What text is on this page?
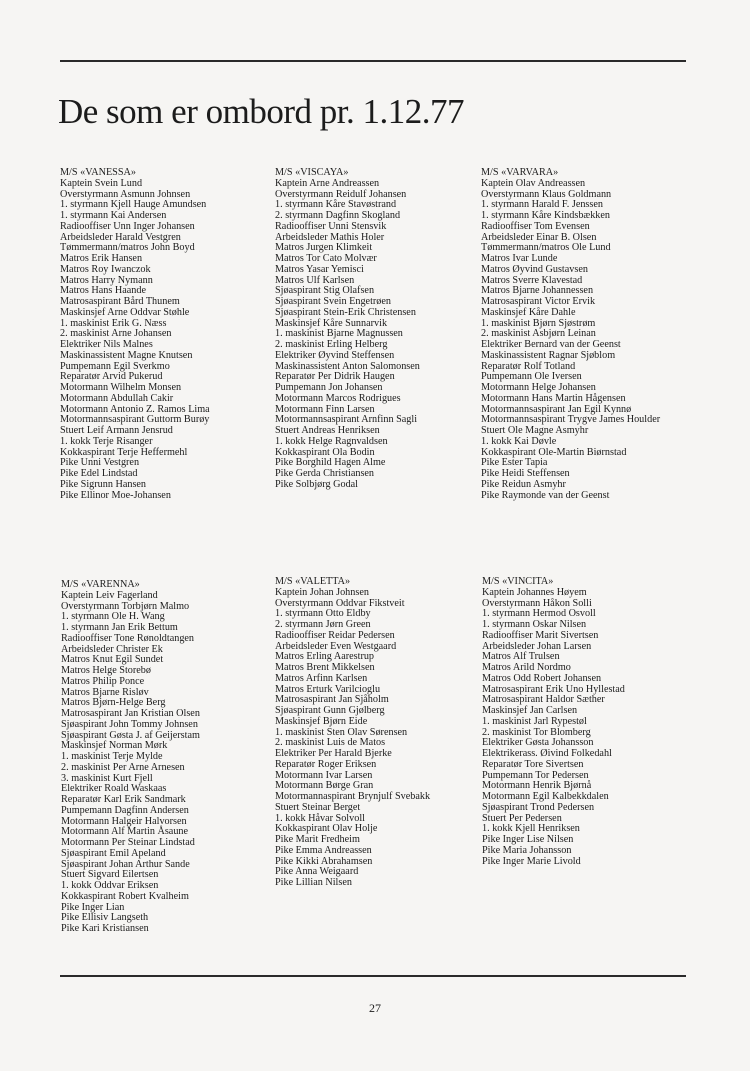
De som er ombord pr. 1.12.77
M/S «VANESSA»
Kaptein Svein Lund
Overstyrmann Asmunn Johnsen
1. styrmann Kjell Hauge Amundsen
1. styrmann Kai Andersen
Radiooffiser Unn Inger Johansen
Arbeidsleder Harald Vestgren
Tømmermann/matros John Boyd
Matros Erik Hansen
Matros Roy Iwanczok
Matros Harry Nymann
Matros Hans Haande
Matrosaspirant Bård Thunem
Maskinsjef Arne Oddvar Støhle
1. maskinist Erik G. Næss
2. maskinist Arne Johansen
Elektriker Nils Malnes
Maskinassistent Magne Knutsen
Pumpemann Egil Sverkmo
Reparatør Arvid Pukerud
Motormann Wilhelm Monsen
Motormann Abdullah Cakir
Motormann Antonio Z. Ramos Lima
Motormannsaspirant Guttorm Burøy
Stuert Leif Armann Jensrud
1. kokk Terje Risanger
Kokkaspirant Terje Heffermehl
Pike Unni Vestgren
Pike Edel Lindstad
Pike Sigrunn Hansen
Pike Ellinor Moe-Johansen
M/S «VISCAYA»
Kaptein Arne Andreassen
Overstyrmann Reidulf Johansen
1. styrmann Kåre Stavøstrand
2. styrmann Dagfinn Skogland
Radiooffiser Unni Stensvik
Arbeidsleder Mathis Holer
Matros Jurgen Klimkeit
Matros Tor Cato Molvær
Matros Yasar Yemisci
Matros Ulf Karlsen
Sjøaspirant Stig Olafsen
Sjøaspirant Svein Engetrøen
Sjøaspirant Stein-Erik Christensen
Maskinsjef Kåre Sunnarvik
1. maskinist Bjarne Magnussen
2. maskinist Erling Helberg
Elektriker Øyvind Steffensen
Maskinassistent Anton Salomonsen
Reparatør Per Didrik Haugen
Pumpemann Jon Johansen
Motormann Marcos Rodrigues
Motormann Finn Larsen
Motormannsaspirant Arnfinn Sagli
Stuert Andreas Henriksen
1. kokk Helge Ragnvaldsen
Kokkaspirant Ola Bodin
Pike Borghild Hagen Alme
Pike Gerda Christiansen
Pike Solbjørg Godal
M/S «VARVARA»
Kaptein Olav Andreassen
Overstyrmann Klaus Goldmann
1. styrmann Harald F. Jenssen
1. styrmann Kåre Kindsbækken
Radiooffiser Tom Evensen
Arbeidsleder Einar B. Olsen
Tømmermann/matros Ole Lund
Matros Ivar Lunde
Matros Øyvind Gustavsen
Matros Sverre Klavestad
Matros Bjarne Johannessen
Matrosaspirant Victor Ervik
Maskinsjef Kåre Dahle
1. maskinist Bjørn Sjøstrøm
2. maskinist Asbjørn Leinan
Elektriker Bernard van der Geenst
Maskinassistent Ragnar Sjøblom
Reparatør Rolf Totland
Pumpemann Ole Iversen
Motormann Helge Johansen
Motormann Hans Martin Hågensen
Motormannsaspirant Jan Egil Kynnø
Motormannsaspirant Trygve James Houlder
Stuert Ole Magne Asmyhr
1. kokk Kai Døvle
Kokkaspirant Ole-Martin Biørnstad
Pike Ester Tapia
Pike Heidi Steffensen
Pike Reidun Asmyhr
Pike Raymonde van der Geenst
M/S «VARENNA»
Kaptein Leiv Fagerland
Overstyrmann Torbjørn Malmo
1. styrmann Ole H. Wang
1. styrmann Jan Erik Bettum
Radiooffiser Tone Rønoldtangen
Arbeidsleder Christer Ek
Matros Knut Egil Sundet
Matros Helge Storebø
Matros Philip Ponce
Matros Bjarne Risløv
Matros Bjørn-Helge Berg
Matrosaspirant Jan Kristian Olsen
Sjøaspirant John Tommy Johnsen
Sjøaspirant Gøsta J. af Geijerstam
Maskinsjef Norman Mørk
1. maskinist Terje Mylde
2. maskinist Per Arne Arnesen
3. maskinist Kurt Fjell
Elektriker Roald Waskaas
Reparatør Karl Erik Sandmark
Pumpemann Dagfinn Andersen
Motormann Halgeir Halvorsen
Motormann Alf Martin Åsaune
Motormann Per Steinar Lindstad
Sjøaspirant Emil Apeland
Sjøaspirant Johan Arthur Sande
Stuert Sigvard Eilertsen
1. kokk Oddvar Eriksen
Kokkaspirant Robert Kvalheim
Pike Inger Lian
Pike Ellisiv Langseth
Pike Kari Kristiansen
M/S «VALETTA»
Kaptein Johan Johnsen
Overstyrmann Oddvar Fikstveit
1. styrmann Otto Eldby
2. styrmann Jørn Green
Radiooffiser Reidar Pedersen
Arbeidsleder Even Westgaard
Matros Erling Aarestrup
Matros Brent Mikkelsen
Matros Arfinn Karlsen
Matros Erturk Varilcioglu
Matrosaspirant Jan Sjåholm
Sjøaspirant Gunn Gjølberg
Maskinsjef Bjørn Eide
1. maskinist Sten Olav Sørensen
2. maskinist Luis de Matos
Elektriker Per Harald Bjerke
Reparatør Roger Eriksen
Motormann Ivar Larsen
Motormann Børge Gran
Motormannaspirant Brynjulf Svebakk
Stuert Steinar Berget
1. kokk Håvar Solvoll
Kokkaspirant Olav Holje
Pike Marit Fredheim
Pike Emma Andreassen
Pike Kikki Abrahamsen
Pike Anna Weigaard
Pike Lillian Nilsen
M/S «VINCITA»
Kaptein Johannes Høyem
Overstyrmann Håkon Solli
1. styrmann Hermod Osvoll
1. styrmann Oskar Nilsen
Radiooffiser Marit Sivertsen
Arbeidsleder Johan Larsen
Matros Alf Trulsen
Matros Arild Nordmo
Matros Odd Robert Johansen
Matrosaspirant Erik Uno Hyllestad
Matrosaspirant Haldor Sæther
Maskinsjef Jan Carlsen
1. maskinist Jarl Rypestøl
2. maskinist Tor Blomberg
Elektriker Gøsta Johansson
Elektrikerass. Øivind Folkedahl
Reparatør Tore Sivertsen
Pumpemann Tor Pedersen
Motormann Henrik Bjørnå
Motormann Egil Kalbekkdalen
Sjøaspirant Trond Pedersen
Stuert Per Pedersen
1. kokk Kjell Henriksen
Pike Inger Lise Nilsen
Pike Maria Johansson
Pike Inger Marie Livold
27
